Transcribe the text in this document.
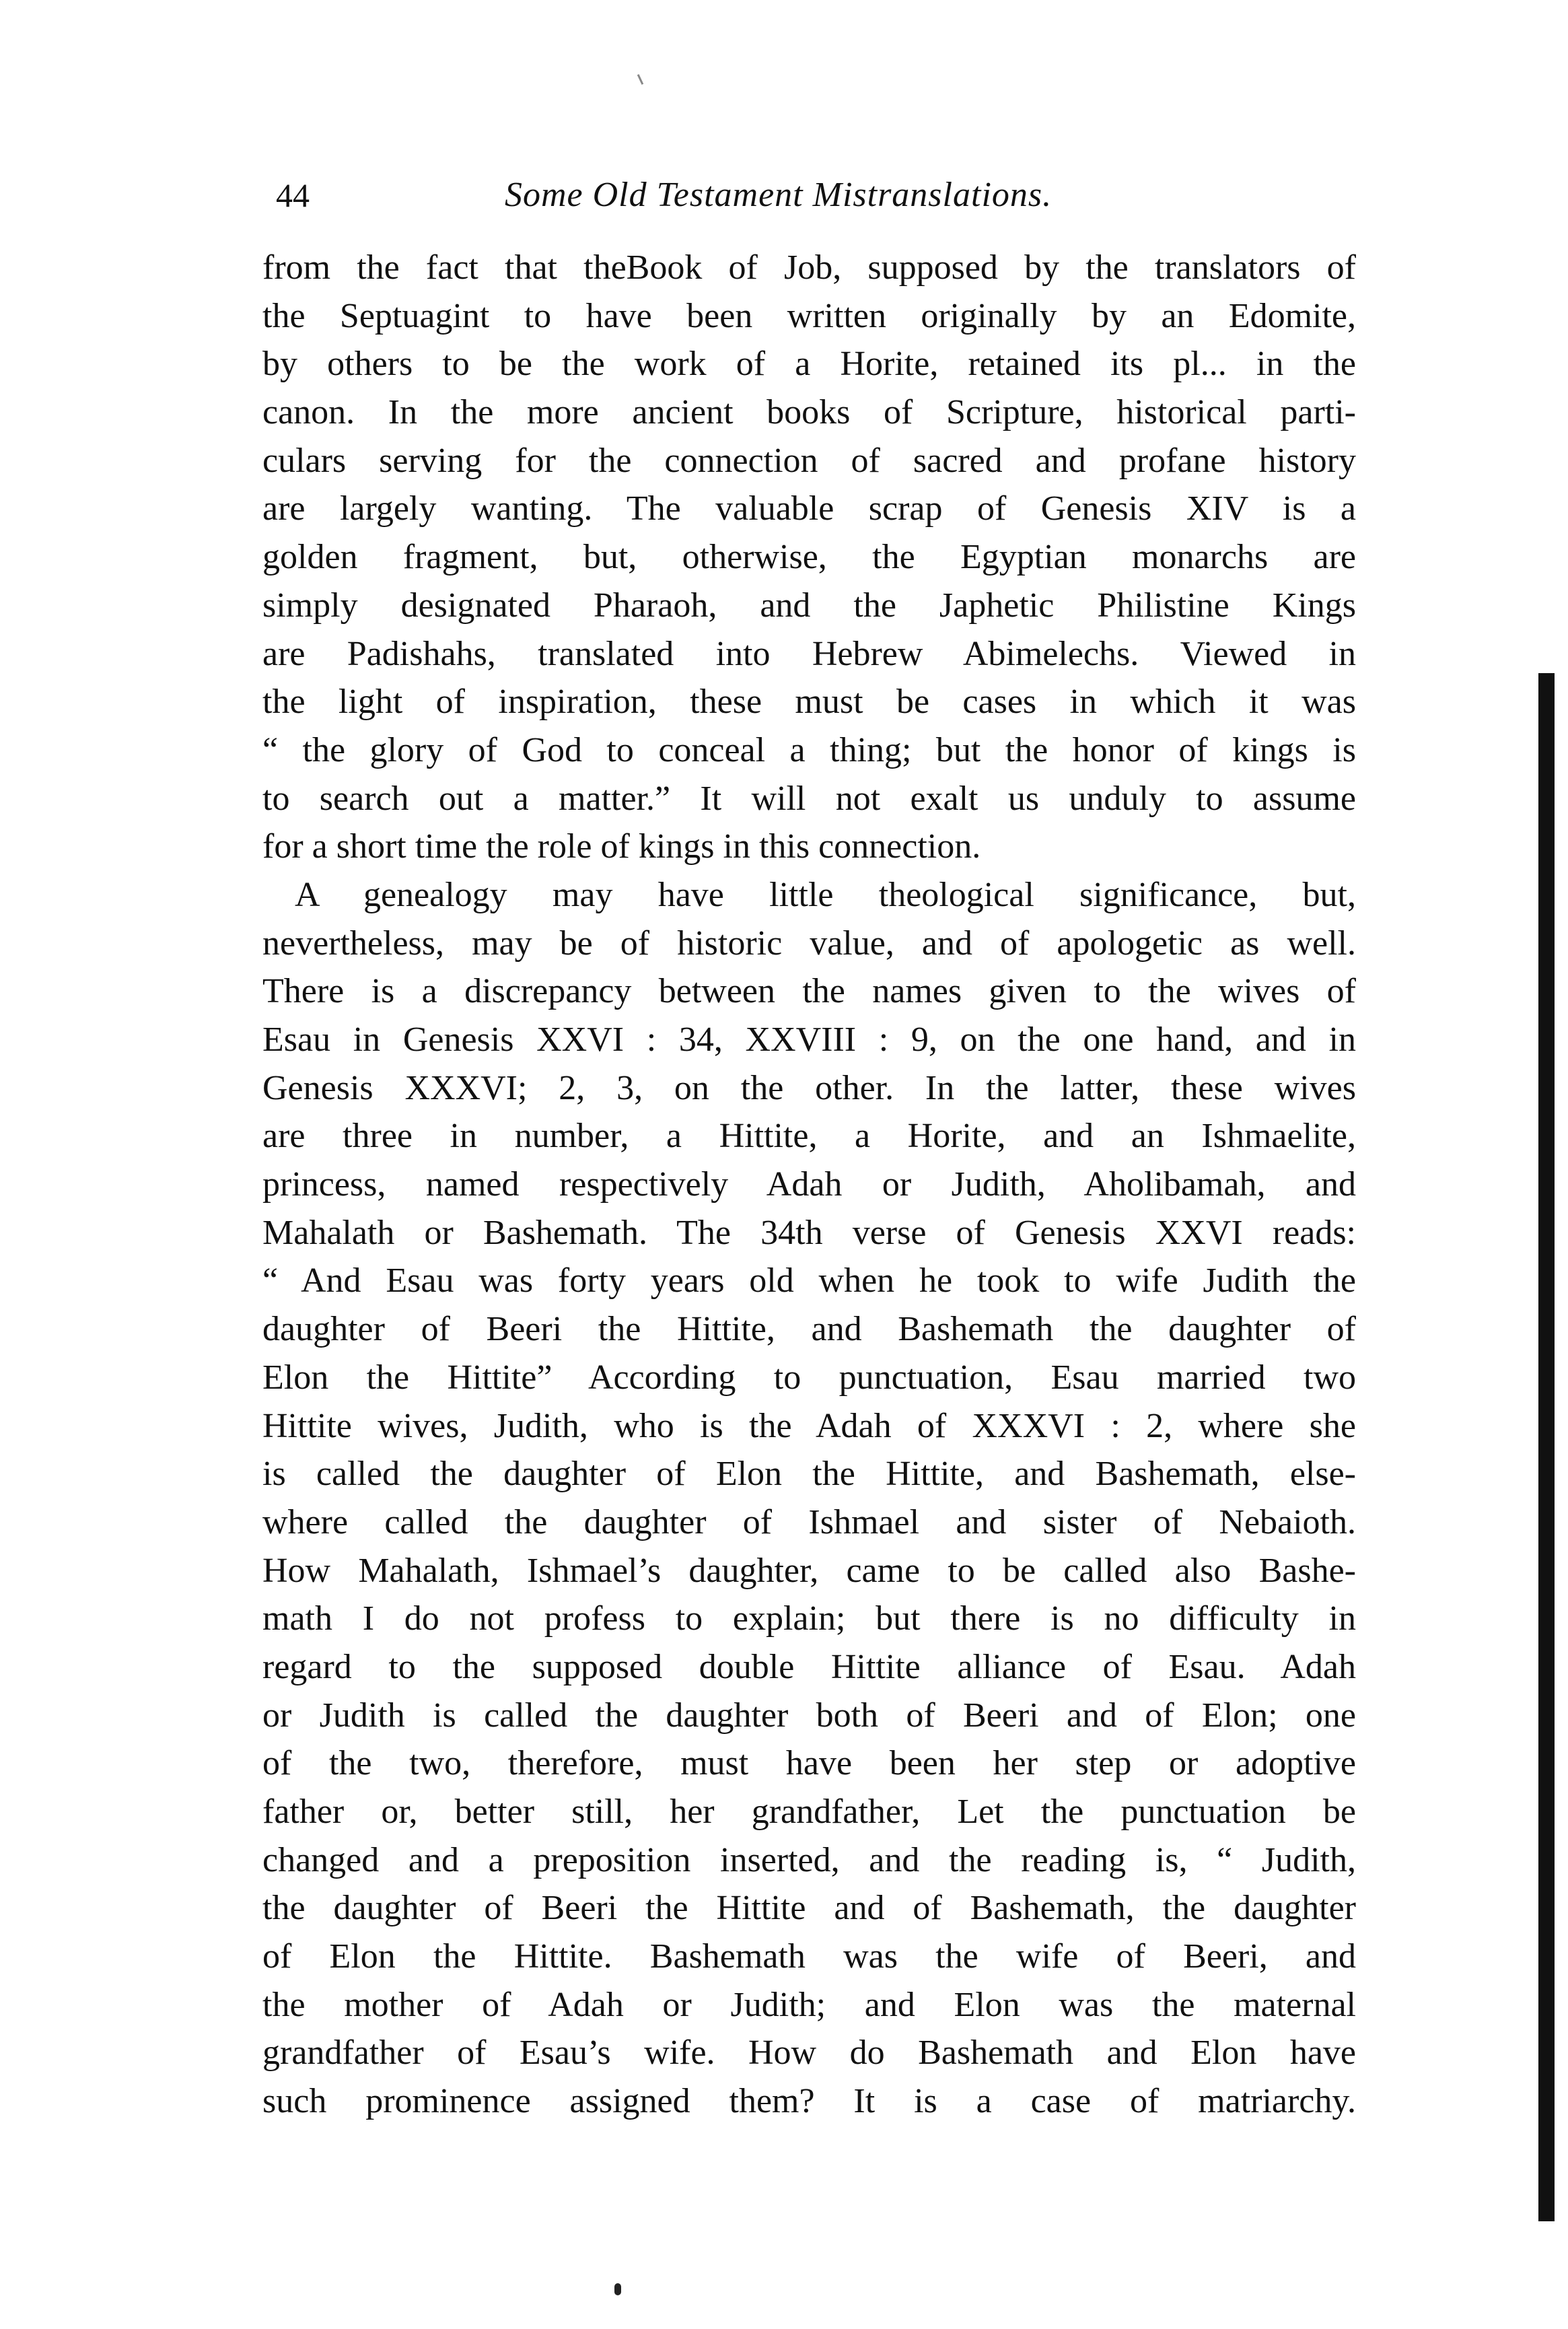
44	Some Old Testament Mistranslations.
from the fact that theBook of Job, supposed by the translators of
the Septuagint to have been written originally by an Edomite,
by others to be the work of a Horite, retained its pl... in the
canon. In the more ancient books of Scripture, historical parti-
culars serving for the connection of sacred and profane history
are largely wanting. The valuable scrap of Genesis XIV is a
golden fragment, but, otherwise, the Egyptian monarchs are
simply designated Pharaoh, and the Japhetic Philistine Kings
are Padishahs, translated into Hebrew Abimelechs. Viewed in
the light of inspiration, these must be cases in which it was
“ the glory of God to conceal a thing; but the honor of kings is
to search out a matter.” It will not exalt us unduly to assume
for a short time the role of kings in this connection.
A genealogy may have little theological significance, but,
nevertheless, may be of historic value, and of apologetic as well.
There is a discrepancy between the names given to the wives of
Esau in Genesis XXVI : 34, XXVIII : 9, on the one hand, and in
Genesis XXXVI; 2, 3, on the other. In the latter, these wives
are three in number, a Hittite, a Horite, and an Ishmaelite,
princess, named respectively Adah or Judith, Aholibamah, and
Mahalath or Bashemath. The 34th verse of Genesis XXVI reads:
“ And Esau was forty years old when he took to wife Judith the
daughter of Beeri the Hittite, and Bashemath the daughter of
Elon the Hittite” According to punctuation, Esau married two
Hittite wives, Judith, who is the Adah of XXXVI : 2, where she
is called the daughter of Elon the Hittite, and Bashemath, else-
where called the daughter of Ishmael and sister of Nebaioth.
How Mahalath, Ishmael’s daughter, came to be called also Bashe-
math I do not profess to explain; but there is no difficulty in
regard to the supposed double Hittite alliance of Esau. Adah
or Judith is called the daughter both of Beeri and of Elon; one
of the two, therefore, must have been her step or adoptive
father or, better still, her grandfather, Let the punctuation be
changed and a preposition inserted, and the reading is, “ Judith,
the daughter of Beeri the Hittite and of Bashemath, the daughter
of Elon the Hittite. Bashemath was the wife of Beeri, and
the mother of Adah or Judith; and Elon was the maternal
grandfather of Esau’s wife. How do Bashemath and Elon have
such prominence assigned them? It is a case of matriarchy.
